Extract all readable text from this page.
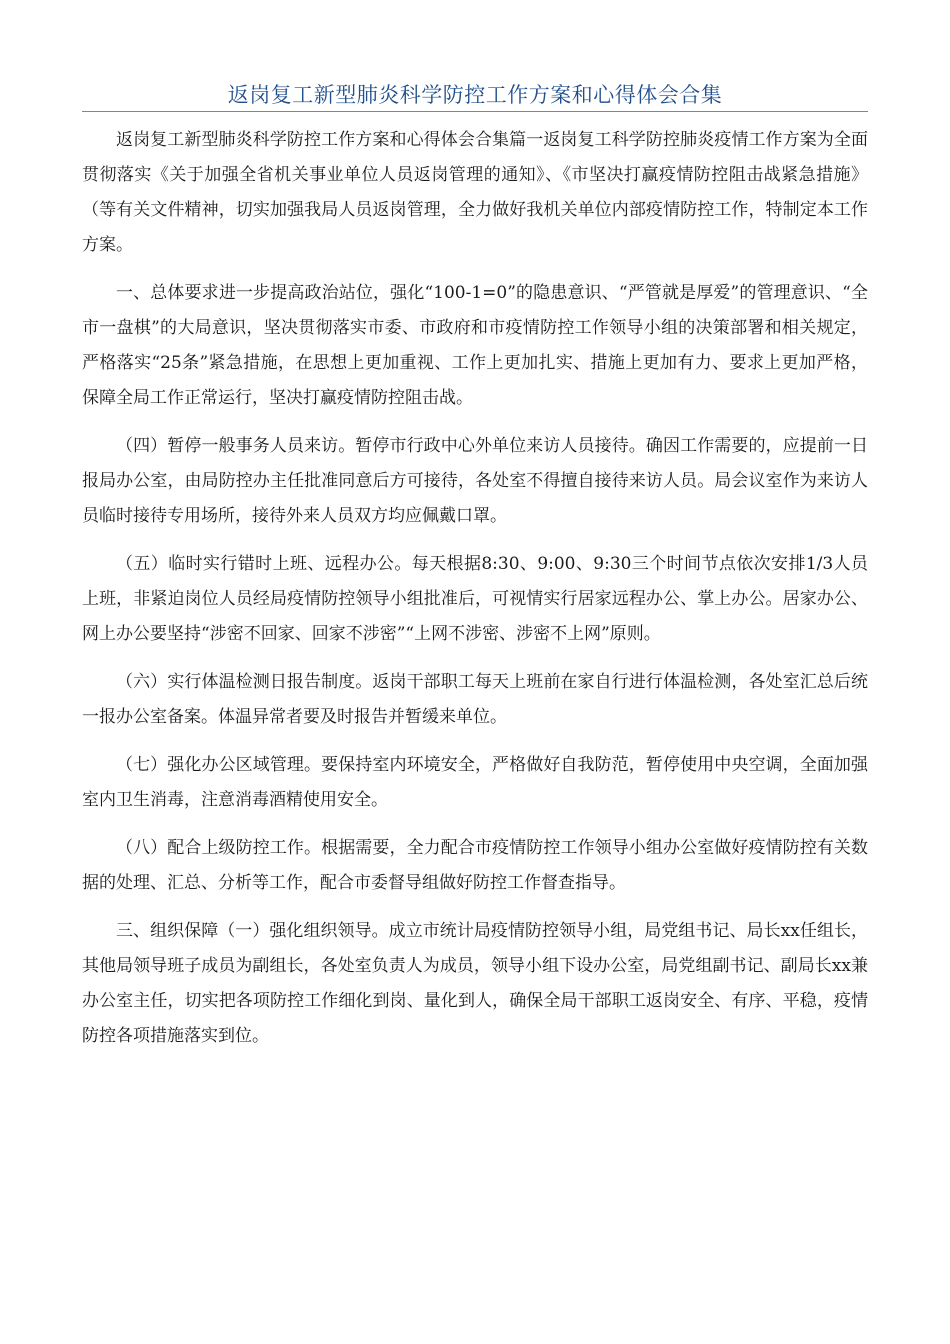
返岗复工新型肺炎科学防控工作方案和心得体会合集

返岗复工新型肺炎科学防控工作方案和心得体会合集篇一返岗复工科学防控肺炎疫情工作方案为全面贯彻落实《关于加强全省机关事业单位人员返岗管理的通知》、《市坚决打赢疫情防控阻击战紧急措施》（等有关文件精神，切实加强我局人员返岗管理，全力做好我机关单位内部疫情防控工作，特制定本工作方案。

一、总体要求进一步提高政治站位，强化“100-1=0”的隐患意识、“严管就是厚爱”的管理意识、“全市一盘棋”的大局意识，坚决贯彻落实市委、市政府和市疫情防控工作领导小组的决策部署和相关规定，严格落实“25条”紧急措施，在思想上更加重视、工作上更加扎实、措施上更加有力、要求上更加严格，保障全局工作正常运行，坚决打赢疫情防控阻击战。

（四）暂停一般事务人员来访。暂停市行政中心外单位来访人员接待。确因工作需要的，应提前一日报局办公室，由局防控办主任批准同意后方可接待，各处室不得擅自接待来访人员。局会议室作为来访人员临时接待专用场所，接待外来人员双方均应佩戴口罩。

（五）临时实行错时上班、远程办公。每天根据8:30、9:00、9:30三个时间节点依次安排1/3人员上班，非紧迫岗位人员经局疫情防控领导小组批准后，可视情实行居家远程办公、掌上办公。居家办公、网上办公要坚持“涉密不回家、回家不涉密”“上网不涉密、涉密不上网”原则。

（六）实行体温检测日报告制度。返岗干部职工每天上班前在家自行进行体温检测，各处室汇总后统一报办公室备案。体温异常者要及时报告并暂缓来单位。

（七）强化办公区域管理。要保持室内环境安全，严格做好自我防范，暂停使用中央空调，全面加强室内卫生消毒，注意消毒酒精使用安全。

（八）配合上级防控工作。根据需要，全力配合市疫情防控工作领导小组办公室做好疫情防控有关数据的处理、汇总、分析等工作，配合市委督导组做好防控工作督查指导。

三、组织保障（一）强化组织领导。成立市统计局疫情防控领导小组，局党组书记、局长xx任组长，其他局领导班子成员为副组长，各处室负责人为成员，领导小组下设办公室，局党组副书记、副局长xx兼办公室主任，切实把各项防控工作细化到岗、量化到人，确保全局干部职工返岗安全、有序、平稳，疫情防控各项措施落实到位。
